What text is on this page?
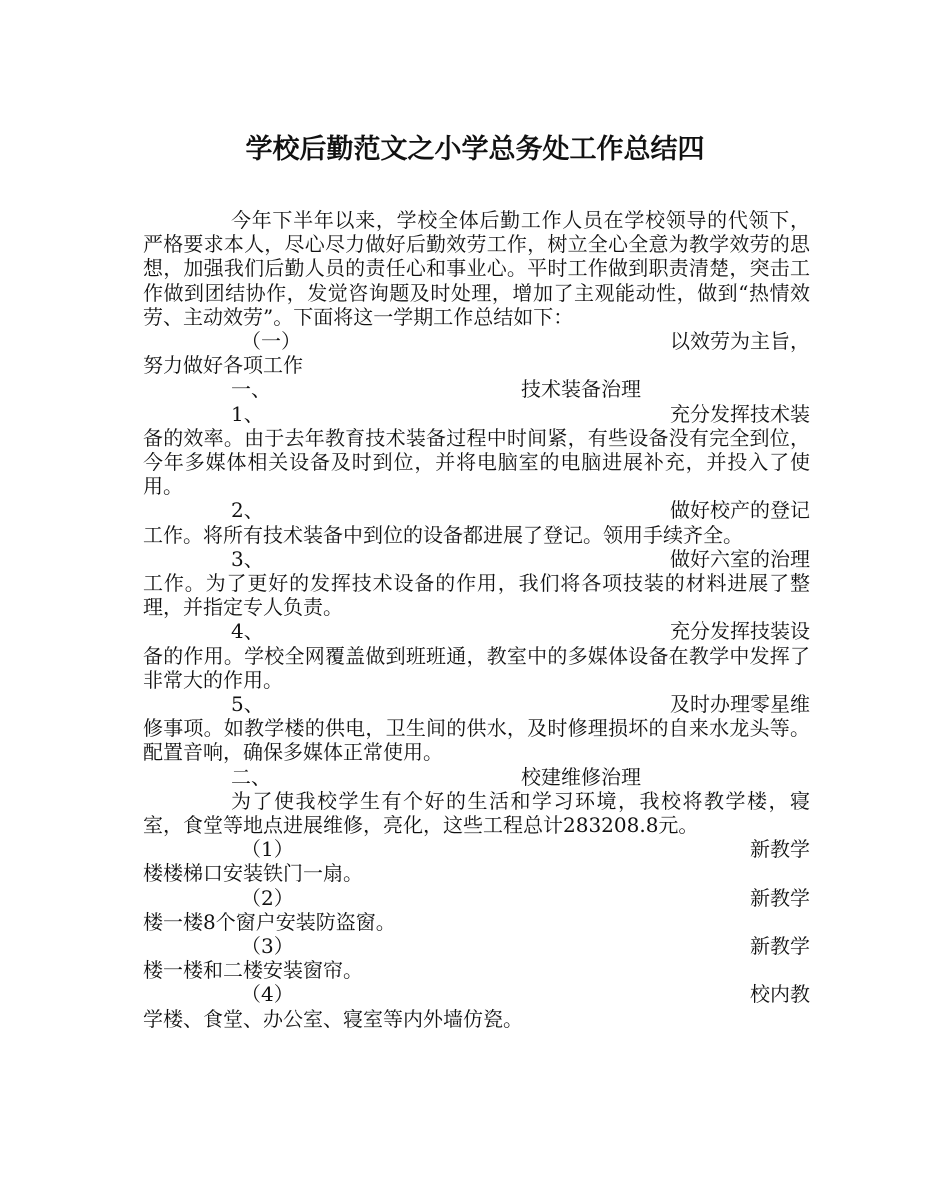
学校后勤范文之小学总务处工作总结四

今年下半年以来，学校全体后勤工作人员在学校领导的代领下，严格要求本人，尽心尽力做好后勤效劳工作，树立全心全意为教学效劳的思想，加强我们后勤人员的责任心和事业心。平时工作做到职责清楚，突击工作做到团结协作，发觉咨询题及时处理，增加了主观能动性，做到“热情效劳、主动效劳”。下面将这一学期工作总结如下：

（一）	以效劳为主旨，

努力做好各项工作

一、	技术装备治理
1、	充分发挥技术装

备的效率。由于去年教育技术装备过程中时间紧，有些设备没有完全到位，今年多媒体相关设备及时到位，并将电脑室的电脑进展补充，并投入了使用。

2、	做好校产的登记

工作。将所有技术装备中到位的设备都进展了登记。领用手续齐全。

3、	做好六室的治理

工作。为了更好的发挥技术设备的作用，我们将各项技装的材料进展了整理，并指定专人负责。

4、	充分发挥技装设

备的作用。学校全网覆盖做到班班通，教室中的多媒体设备在教学中发挥了非常大的作用。

5、	及时办理零星维

修事项。如教学楼的供电，卫生间的供水，及时修理损坏的自来水龙头等。配置音响，确保多媒体正常使用。

二、	校建维修治理

为了使我校学生有个好的生活和学习环境，我校将教学楼，寝室，食堂等地点进展维修，亮化，这些工程总计283208.8元。

（1）	新教学

楼楼梯口安装铁门一扇。

（2）	新教学

楼一楼8个窗户安装防盗窗。

（3）	新教学

楼一楼和二楼安装窗帘。

（4）	校内教

学楼、食堂、办公室、寝室等内外墙仿瓷。
